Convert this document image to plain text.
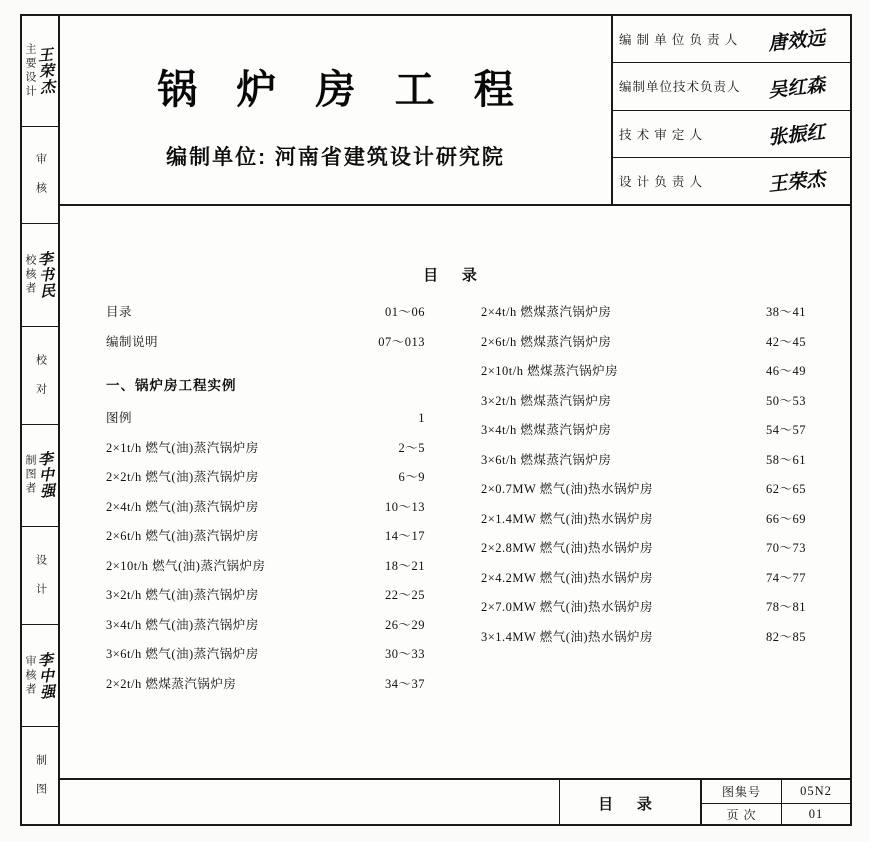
主要设计 王荣杰
审 核
校核者 李书民
校 对
制图者 李中强
设 计
审核者 李中强
制 图
锅 炉 房 工 程
编制单位: 河南省建筑设计研究院
编 制 单 位 负 责 人	唐效远
编制单位技术负责人	吴红森
技 术 审 定 人	张振红
设 计 负 责 人	王荣杰
目 录
目录	01～06
编制说明	07～013
一、锅炉房工程实例
图例	1
2×1t/h 燃气(油)蒸汽锅炉房	2～5
2×2t/h 燃气(油)蒸汽锅炉房	6～9
2×4t/h 燃气(油)蒸汽锅炉房	10～13
2×6t/h 燃气(油)蒸汽锅炉房	14～17
2×10t/h 燃气(油)蒸汽锅炉房	18～21
3×2t/h 燃气(油)蒸汽锅炉房	22～25
3×4t/h 燃气(油)蒸汽锅炉房	26～29
3×6t/h 燃气(油)蒸汽锅炉房	30～33
2×2t/h 燃煤蒸汽锅炉房	34～37
2×4t/h 燃煤蒸汽锅炉房	38～41
2×6t/h 燃煤蒸汽锅炉房	42～45
2×10t/h 燃煤蒸汽锅炉房	46～49
3×2t/h 燃煤蒸汽锅炉房	50～53
3×4t/h 燃煤蒸汽锅炉房	54～57
3×6t/h 燃煤蒸汽锅炉房	58～61
2×0.7MW 燃气(油)热水锅炉房	62～65
2×1.4MW 燃气(油)热水锅炉房	66～69
2×2.8MW 燃气(油)热水锅炉房	70～73
2×4.2MW 燃气(油)热水锅炉房	74～77
2×7.0MW 燃气(油)热水锅炉房	78～81
3×1.4MW 燃气(油)热水锅炉房	82～85
目 录
图集号	05N2
页 次	01
